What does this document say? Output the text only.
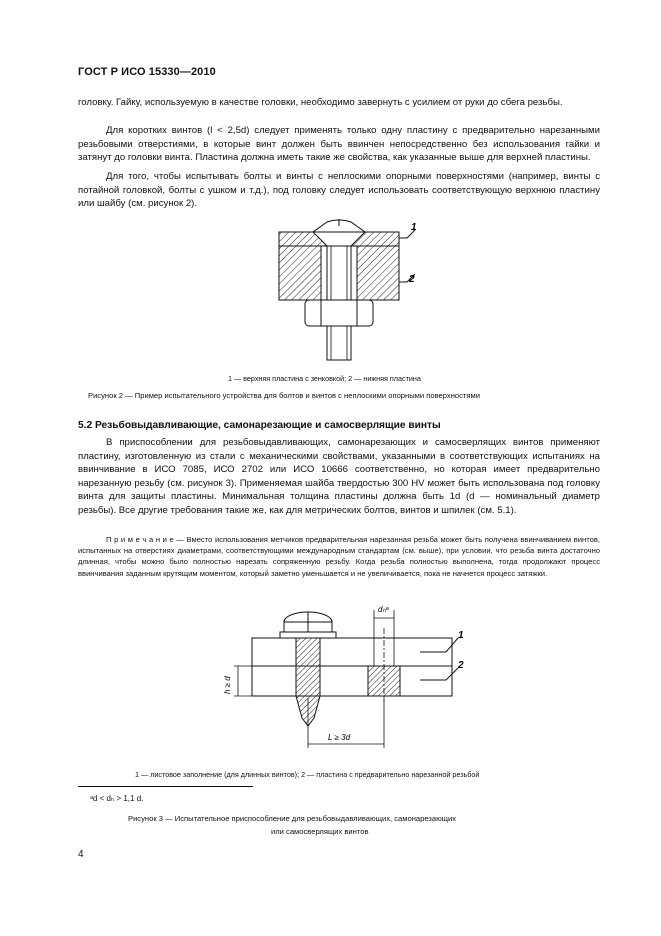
ГОСТ Р ИСО 15330—2010

головку. Гайку, используемую в качестве головки, необходимо завернуть с усилием от руки до сбега резьбы.

Для коротких винтов (l < 2,5d) следует применять только одну пластину с предварительно нарезанными резьбовыми отверстиями, в которые винт должен быть ввинчен непосредственно без использования гайки и затянут до головки винта. Пластина должна иметь такие же свойства, как указанные выше для верхней пластины.

Для того, чтобы испытывать болты и винты с неплоскими опорными поверхностями (например, винты с потайной головкой, болты с ушком и т.д.), под головку следует использовать соответствующую верхнюю пластину или шайбу (см. рисунок 2).

1
2
1 — верхняя пластина с зенковкой; 2 — нижняя пластина
Рисунок 2 — Пример испытательного устройства для болтов и винтов с неплоскими опорными поверхностями
5.2 Резьбовыдавливающие, самонарезающие и самосверлящие винты

В приспособлении для резьбовыдавливающих, самонарезающих и самосверлящих винтов применяют пластину, изготовленную из стали с механическими свойствами, указанными в соответствующих испытаниях на ввинчивание в ИСО 7085, ИСО 2702 или ИСО 10666 соответственно, но которая имеет предварительно нарезанную резьбу (см. рисунок 3). Применяемая шайба твердостью 300 HV может быть использована под головку винта для защиты пластины. Минимальная толщина пластины должна быть 1d (d — номинальный диаметр резьбы). Все другие требования такие же, как для метрических болтов, винтов и шпилек (см. 5.1).

П р и м е ч а н и е — Вместо использования метчиков предварительная нарезанная резьба может быть получена ввинчиванием винтов, испытанных на отверстиях диаметрами, соответствующими международным стандартам (см. выше), при условии, что резьба винта достаточно длинная, чтобы можно было полностью нарезать сопряженную резьбу. Когда резьба полностью выполнена, тогда продолжают процесс ввинчивания заданным крутящим моментом, который заметно уменьшается и не увеличивается, пока не начнется процесс затяжки.
1
2
dₕᵃ
L ≥ 3d
h ≥ d
1 — листовое заполнение (для длинных винтов); 2 — пластина с предварительно нарезанной резьбой
ᵃd < dₕ > 1,1 d.
Рисунок 3 — Испытательное приспособление для резьбовыдавливающих, самонарезающих
или самосверлящих винтов
4
